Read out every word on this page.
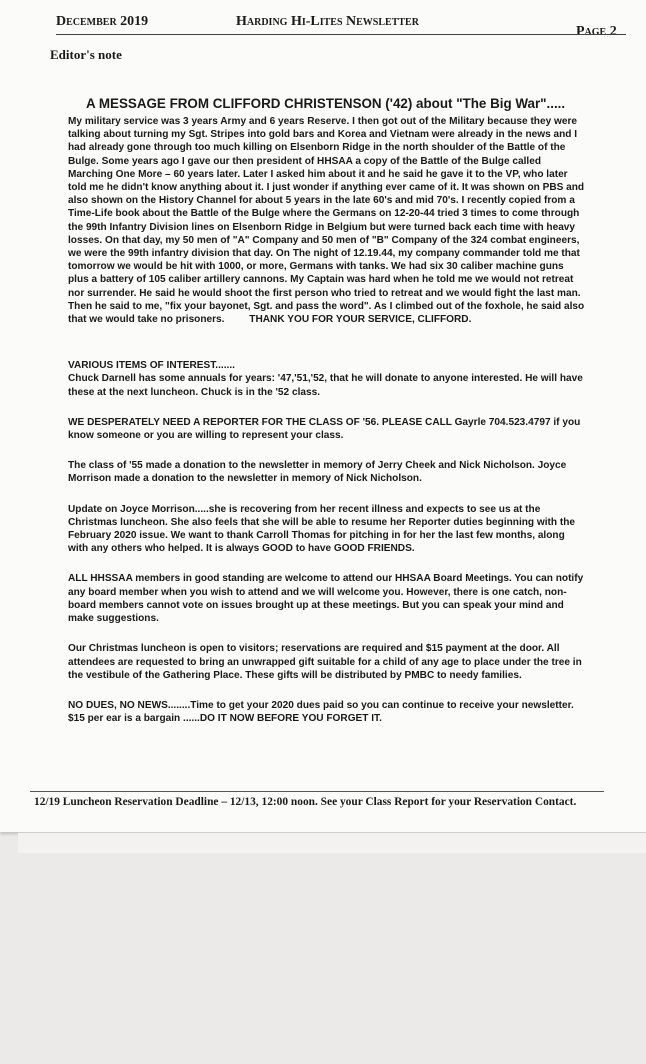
December 2019	Harding Hi-Lites Newsletter
Page 2
Editor's note
A MESSAGE FROM CLIFFORD CHRISTENSON ('42) about "The Big War".....
My military service was 3 years Army and 6 years Reserve. I then got out of the Military because they were talking about turning my Sgt. Stripes into gold bars and Korea and Vietnam were already in the news and I had already gone through too much killing on Elsenborn Ridge in the north shoulder of the Battle of the Bulge. Some years ago I gave our then president of HHSAA a copy of the Battle of the Bulge called Marching One More – 60 years later. Later I asked him about it and he said he gave it to the VP, who later told me he didn't know anything about it. I just wonder if anything ever came of it. It was shown on PBS and also shown on the History Channel for about 5 years in the late 60's and mid 70's. I recently copied from a Time-Life book about the Battle of the Bulge where the Germans on 12-20-44 tried 3 times to come through the 99th Infantry Division lines on Elsenborn Ridge in Belgium but were turned back each time with heavy losses. On that day, my 50 men of "A" Company and 50 men of "B" Company of the 324 combat engineers, we were the 99th infantry division that day. On The night of 12.19.44, my company commander told me that tomorrow we would be hit with 1000, or more, Germans with tanks. We had six 30 caliber machine guns plus a battery of 105 caliber artillery cannons. My Captain was hard when he told me we would not retreat nor surrender. He said he would shoot the first person who tried to retreat and we would fight the last man. Then he said to me, "fix your bayonet, Sgt. and pass the word". As I climbed out of the foxhole, he said also that we would take no prisoners. THANK YOU FOR YOUR SERVICE, CLIFFORD.
VARIOUS ITEMS OF INTEREST.......
Chuck Darnell has some annuals for years: '47,'51,'52, that he will donate to anyone interested. He will have these at the next luncheon. Chuck is in the '52 class.
WE DESPERATELY NEED A REPORTER FOR THE CLASS OF '56. PLEASE CALL Gayrle 704.523.4797 if you know someone or you are willing to represent your class.
The class of '55 made a donation to the newsletter in memory of Jerry Cheek and Nick Nicholson. Joyce Morrison made a donation to the newsletter in memory of Nick Nicholson.
Update on Joyce Morrison.....she is recovering from her recent illness and expects to see us at the Christmas luncheon. She also feels that she will be able to resume her Reporter duties beginning with the February 2020 issue. We want to thank Carroll Thomas for pitching in for her the last few months, along with any others who helped. It is always GOOD to have GOOD FRIENDS.
ALL HHSSAA members in good standing are welcome to attend our HHSAA Board Meetings. You can notify any board member when you wish to attend and we will welcome you. However, there is one catch, non-board members cannot vote on issues brought up at these meetings. But you can speak your mind and make suggestions.
Our Christmas luncheon is open to visitors; reservations are required and $15 payment at the door. All attendees are requested to bring an unwrapped gift suitable for a child of any age to place under the tree in the vestibule of the Gathering Place. These gifts will be distributed by PMBC to needy families.
NO DUES, NO NEWS........Time to get your 2020 dues paid so you can continue to receive your newsletter. $15 per ear is a bargain ......DO IT NOW BEFORE YOU FORGET IT.
12/19 Luncheon Reservation Deadline – 12/13, 12:00 noon. See your Class Report for your Reservation Contact.
